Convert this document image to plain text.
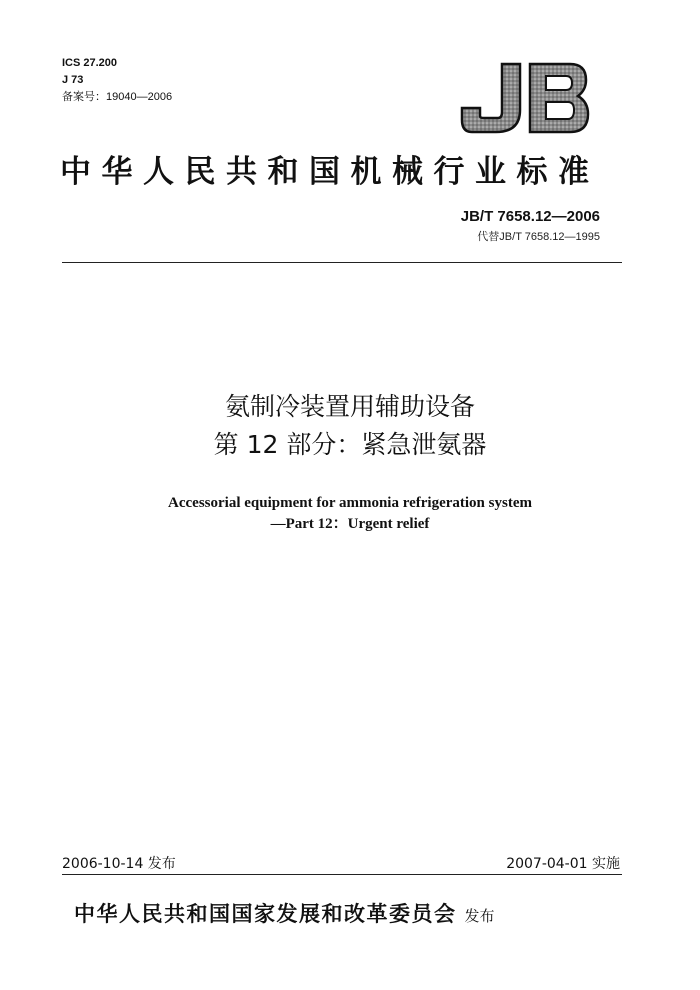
ICS 27.200
J 73
备案号：19040—2006
中华人民共和国机械行业标准
JB/T 7658.12—2006
代替JB/T 7658.12—1995
氨制冷装置用辅助设备
第 12 部分：紧急泄氨器
Accessorial equipment for ammonia refrigeration system
—Part 12：Urgent relief
2006-10-14 发布	2007-04-01 实施
中华人民共和国国家发展和改革委员会 发布
